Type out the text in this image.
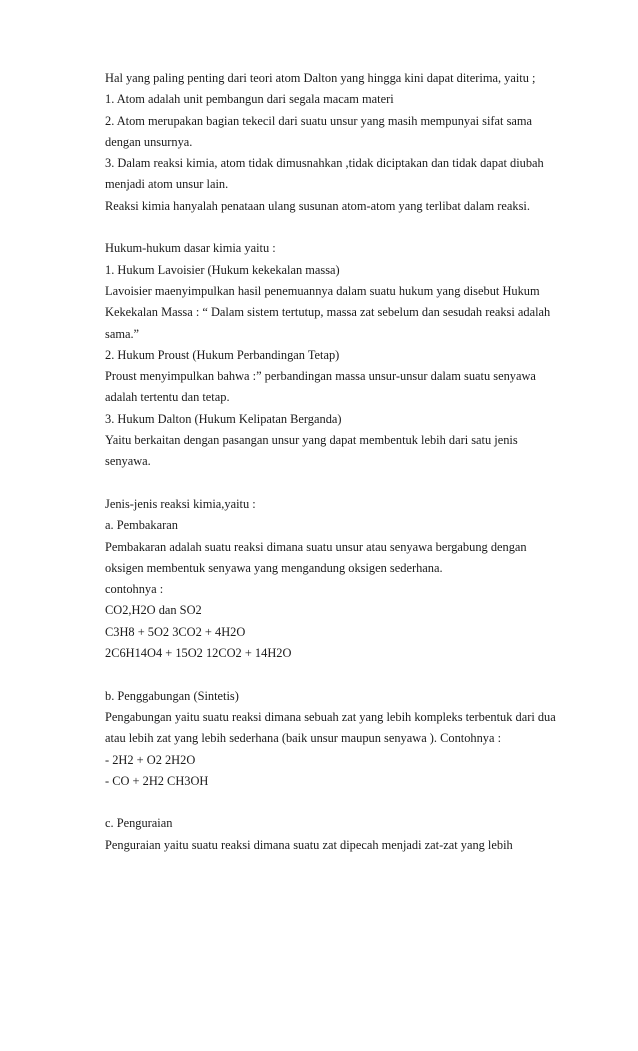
Hal yang paling penting dari teori atom Dalton yang hingga kini dapat diterima, yaitu ;
1. Atom adalah unit pembangun dari segala macam materi
2. Atom merupakan bagian tekecil dari suatu unsur yang masih mempunyai sifat sama
dengan unsurnya.
3. Dalam reaksi kimia, atom tidak dimusnahkan ,tidak diciptakan dan tidak dapat diubah
menjadi atom unsur lain.
Reaksi kimia hanyalah penataan ulang susunan atom-atom yang terlibat dalam reaksi.
Hukum-hukum dasar kimia yaitu :
1. Hukum Lavoisier (Hukum kekekalan massa)
Lavoisier maenyimpulkan hasil penemuannya dalam suatu hukum yang disebut Hukum
Kekekalan Massa : “ Dalam sistem tertutup, massa zat sebelum dan sesudah reaksi adalah
sama.”
2. Hukum Proust (Hukum Perbandingan Tetap)
Proust menyimpulkan bahwa :” perbandingan massa unsur-unsur dalam suatu senyawa
adalah tertentu dan tetap.
3. Hukum Dalton (Hukum Kelipatan Berganda)
Yaitu berkaitan dengan pasangan unsur yang dapat membentuk lebih dari satu jenis
senyawa.
Jenis-jenis reaksi kimia,yaitu :
a. Pembakaran
Pembakaran adalah suatu reaksi dimana suatu unsur atau senyawa bergabung dengan
oksigen membentuk senyawa yang mengandung oksigen sederhana.
contohnya :
CO2,H2O dan SO2
C3H8 + 5O2 3CO2 + 4H2O
2C6H14O4 + 15O2 12CO2 + 14H2O
b. Penggabungan (Sintetis)
Pengabungan yaitu suatu reaksi dimana sebuah zat yang lebih kompleks terbentuk dari dua
atau lebih zat yang lebih sederhana (baik unsur maupun senyawa ). Contohnya :
- 2H2 + O2 2H2O
- CO + 2H2 CH3OH
c. Penguraian
Penguraian yaitu suatu reaksi dimana suatu zat dipecah menjadi zat-zat yang lebih
